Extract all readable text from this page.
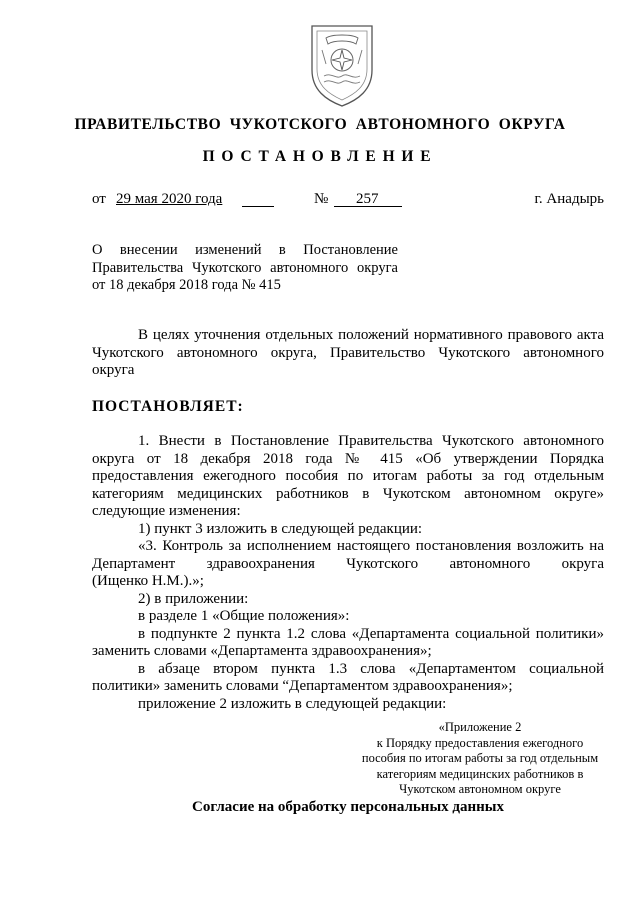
ПРАВИТЕЛЬСТВО ЧУКОТСКОГО АВТОНОМНОГО ОКРУГА
ПОСТАНОВЛЕНИЕ
от 29 мая 2020 года	№ 257	г. Анадырь
О внесении изменений в Постановление
Правительства Чукотского автономного округа
от 18 декабря 2018 года № 415
В целях уточнения отдельных положений нормативного правового акта
Чукотского автономного округа, Правительство Чукотского автономного
округа
ПОСТАНОВЛЯЕТ:
1. Внести в Постановление Правительства Чукотского автономного
округа от 18 декабря 2018 года № 415 «Об утверждении Порядка
предоставления ежегодного пособия по итогам работы за год отдельным
категориям медицинских работников в Чукотском автономном округе»
следующие изменения:
1) пункт 3 изложить в следующей редакции:
«3. Контроль за исполнением настоящего постановления возложить на
Департамент здравоохранения Чукотского автономного округа
(Ищенко Н.М.).»;
2) в приложении:
в разделе 1 «Общие положения»:
в подпункте 2 пункта 1.2 слова «Департамента социальной политики»
заменить словами «Департамента здравоохранения»;
в абзаце втором пункта 1.3 слова «Департаментом социальной
политики» заменить словами “Департаментом здравоохранения»;
приложение 2 изложить в следующей редакции:
«Приложение 2
к Порядку предоставления ежегодного
пособия по итогам работы за год отдельным
категориям медицинских работников в
Чукотском автономном округе
Согласие на обработку персональных данных
